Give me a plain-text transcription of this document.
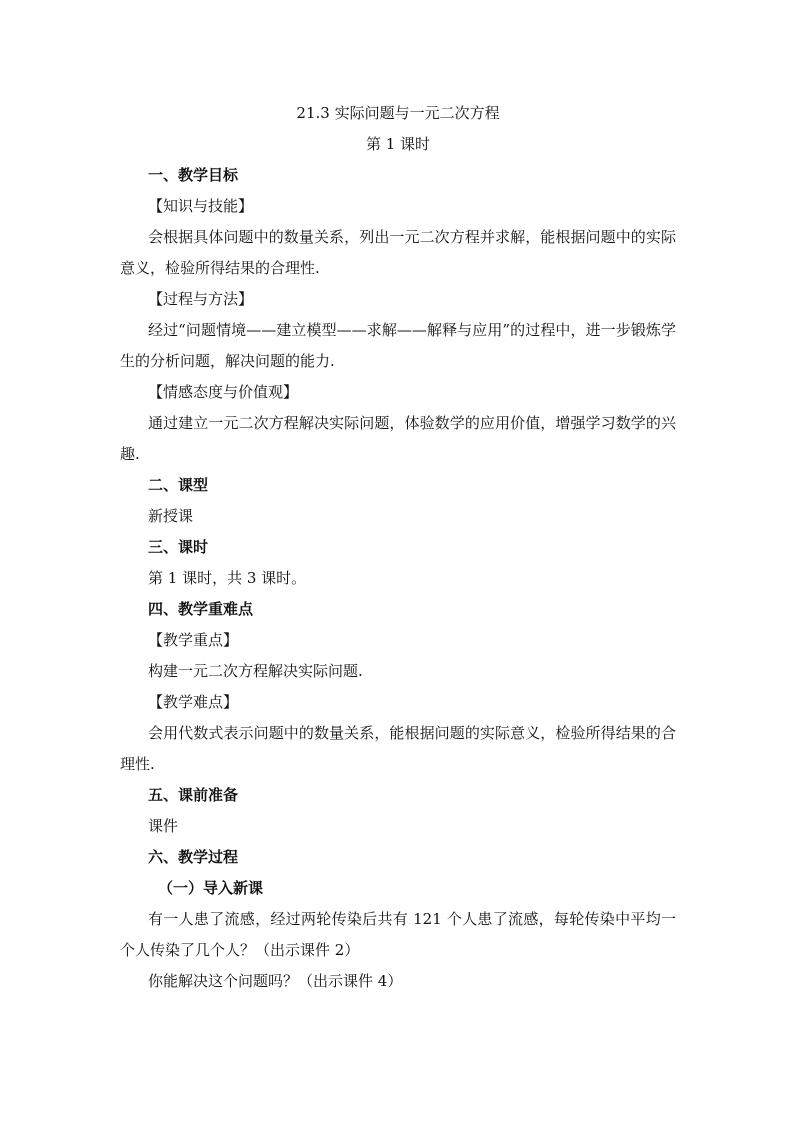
21.3 实际问题与一元二次方程
第 1 课时
一、教学目标
【知识与技能】
会根据具体问题中的数量关系，列出一元二次方程并求解，能根据问题中的实际意义，检验所得结果的合理性.
【过程与方法】
经过“问题情境——建立模型——求解——解释与应用”的过程中，进一步锻炼学生的分析问题，解决问题的能力.
【情感态度与价值观】
通过建立一元二次方程解决实际问题，体验数学的应用价值，增强学习数学的兴趣.
二、课型
新授课
三、课时
第 1 课时，共 3 课时。
四、教学重难点
【教学重点】
构建一元二次方程解决实际问题.
【教学难点】
会用代数式表示问题中的数量关系，能根据问题的实际意义，检验所得结果的合理性.
五、课前准备
课件
六、教学过程
（一）导入新课
有一人患了流感，经过两轮传染后共有 121 个人患了流感，每轮传染中平均一个人传染了几个人？（出示课件 2）
你能解决这个问题吗？（出示课件 4）
